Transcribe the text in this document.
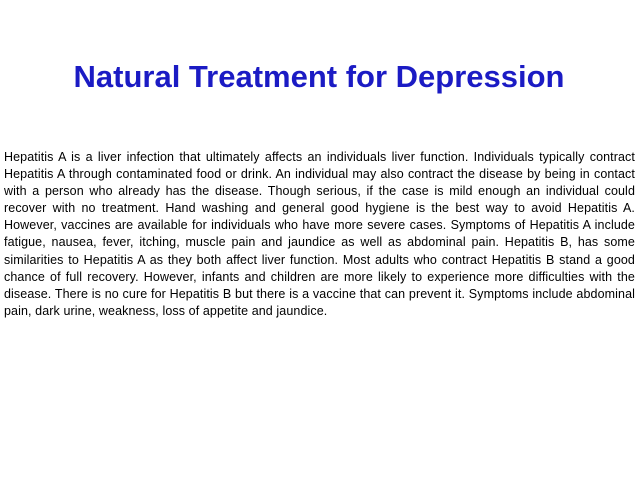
Natural Treatment for Depression

Hepatitis A is a liver infection that ultimately affects an individuals liver function. Individuals typically contract Hepatitis A through contaminated food or drink. An individual may also contract the disease by being in contact with a person who already has the disease. Though serious, if the case is mild enough an individual could recover with no treatment. Hand washing and general good hygiene is the best way to avoid Hepatitis A. However, vaccines are available for individuals who have more severe cases. Symptoms of Hepatitis A include fatigue, nausea, fever, itching, muscle pain and jaundice as well as abdominal pain. Hepatitis B, has some similarities to Hepatitis A as they both affect liver function. Most adults who contract Hepatitis B stand a good chance of full recovery. However, infants and children are more likely to experience more difficulties with the disease. There is no cure for Hepatitis B but there is a vaccine that can prevent it. Symptoms include abdominal pain, dark urine, weakness, loss of appetite and jaundice.
